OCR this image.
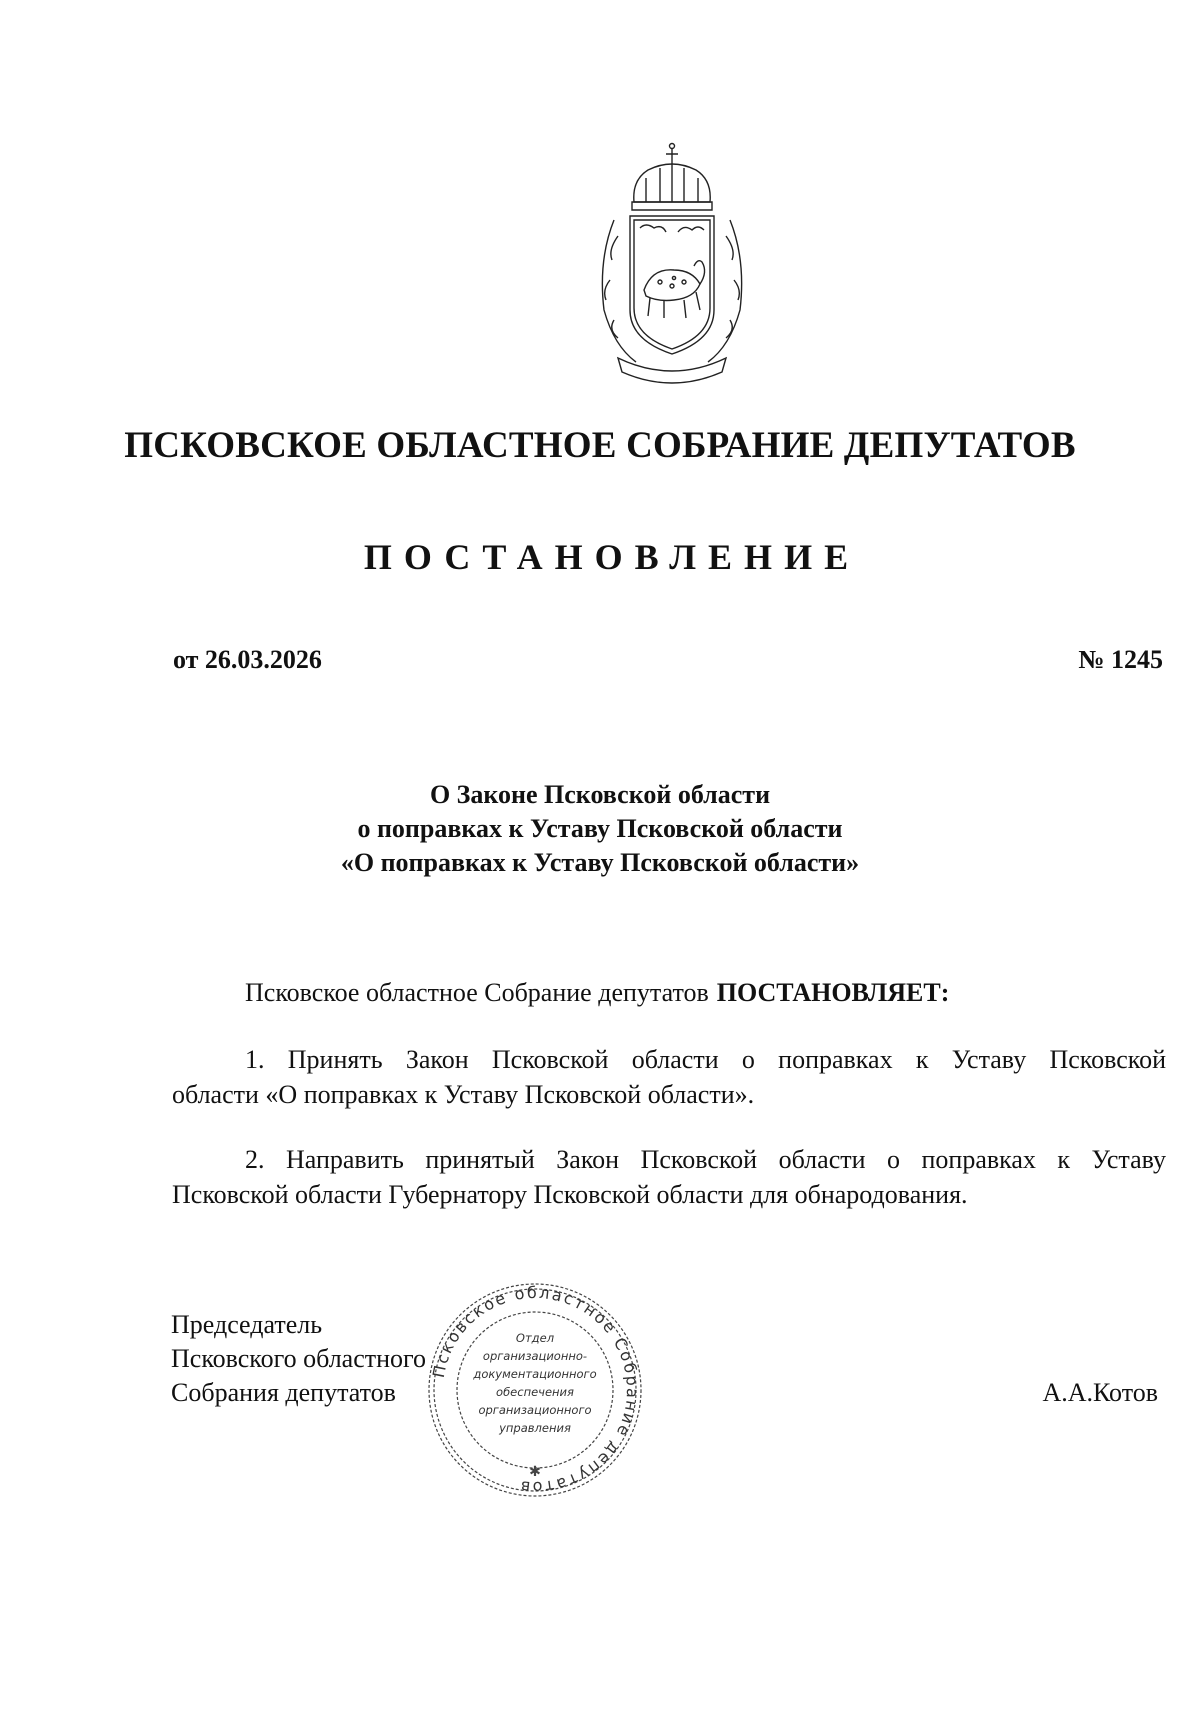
ПСКОВСКОЕ ОБЛАСТНОЕ СОБРАНИЕ ДЕПУТАТОВ
ПОСТАНОВЛЕНИЕ
от 26.03.2026	№ 1245
О Законе Псковской области
о поправках к Уставу Псковской области
«О поправках к Уставу Псковской области»
Псковское областное Собрание депутатов ПОСТАНОВЛЯЕТ:
1. Принять Закон Псковской области о поправках к Уставу Псковской
области «О поправках к Уставу Псковской области».
2. Направить принятый Закон Псковской области о поправках к Уставу
Псковской области Губернатору Псковской области для обнародования.
Председатель
Псковского областного
Собрания депутатов	А.А.Котов
Псковское областное Собрание депутатов
Отдел
организационно-
документационного
обеспечения
организационного
управления
✱
